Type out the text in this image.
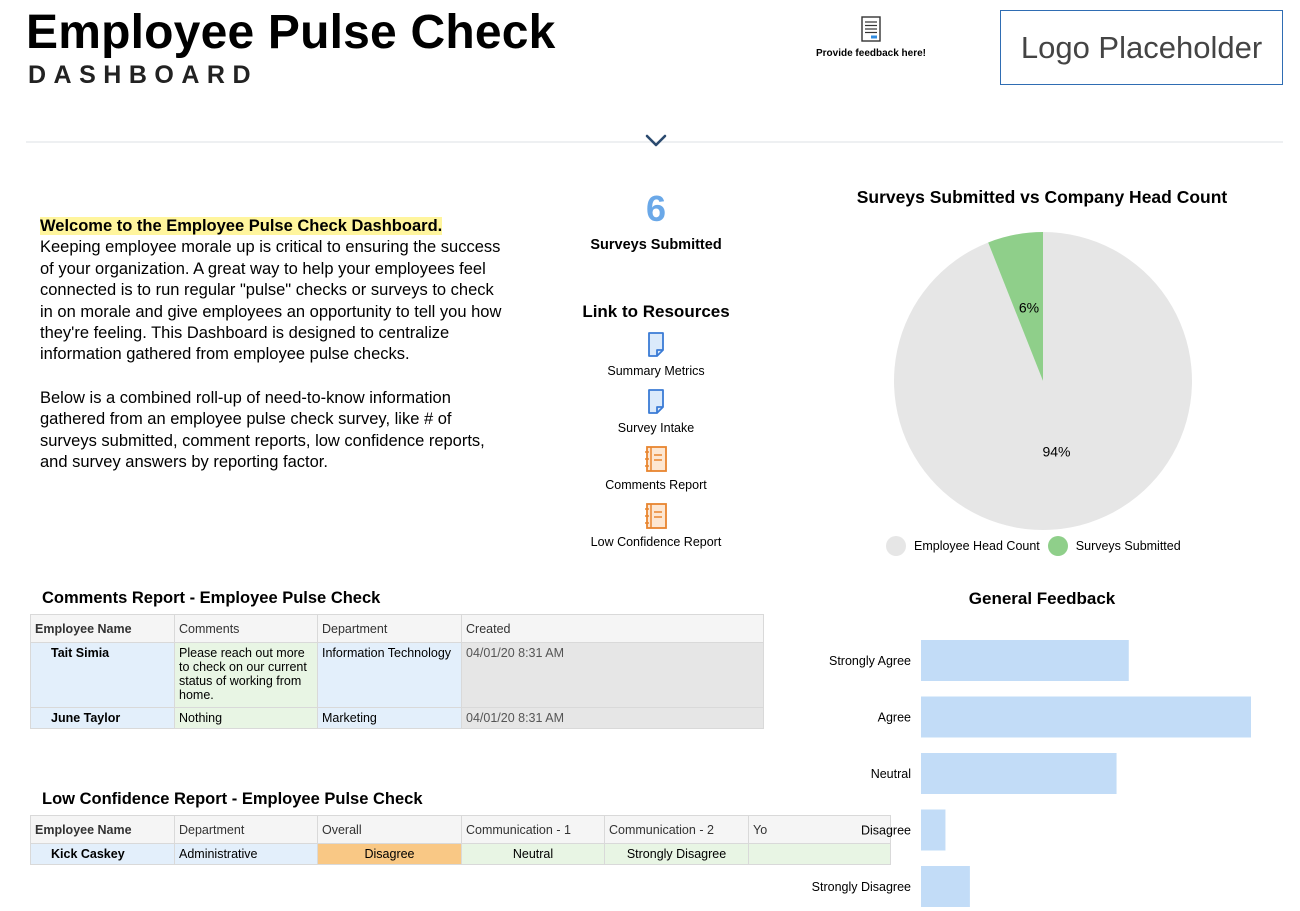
Employee Pulse Check
DASHBOARD
Provide feedback here!	Logo Placeholder

Welcome to the Employee Pulse Check Dashboard.
Keeping employee morale up is critical to ensuring the success of your organization. A great way to help your employees feel connected is to run regular "pulse" checks or surveys to check in on morale and give employees an opportunity to tell you how they're feeling. This Dashboard is designed to centralize information gathered from employee pulse checks.

Below is a combined roll-up of need-to-know information gathered from an employee pulse check survey, like # of surveys submitted, comment reports, low confidence reports, and survey answers by reporting factor.

6
Surveys Submitted
Link to Resources
Summary Metrics
Survey Intake
Comments Report
Low Confidence Report
Surveys Submitted vs Company Head Count
6%
94%
Employee Head Count	Surveys Submitted
Comments Report - Employee Pulse Check
Employee Name	Comments	Department	Created
Tait Simia	Please reach out more to check on our current status of working from home.	Information Technology	04/01/20 8:31 AM
June Taylor	Nothing	Marketing	04/01/20 8:31 AM
Low Confidence Report - Employee Pulse Check
Employee Name	Department	Overall	Communication - 1	Communication - 2	Yo
Kick Caskey	Administrative	Disagree	Neutral	Strongly Disagree	
General Feedback
Strongly Agree
Agree
Neutral
Disagree
Strongly Disagree
